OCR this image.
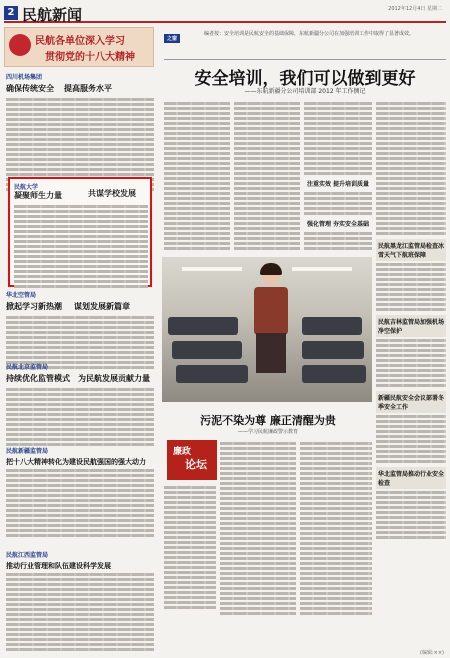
2 民航新闻	2012年12月4日 星期二
民航各单位深入学习
贯彻党的十八大精神
四川机场集团
确保传统安全 提高服务水平
民航大学
凝聚师生力量	共谋学校发展
华北空管局
掀起学习新热潮 谋划发展新篇章
民航北京监管局
持续优化监管模式 为民航发展贡献力量
民航新疆监管局
把十八大精神转化为建设民航强国的强大动力
民航江西监管局
推动行业管理和队伍建设科学发展
之窗
编者按：安全培训是民航安全的基础保障，东航新疆分公司在加强培训工作中取得了显著成效。
安全培训，我们可以做到更好
——东航新疆分公司培训部 2012 年工作侧记
注重实效 提升培训质量
强化管理 夯实安全基础
民航黑龙江监管局检查冰雪天气下航班保障
民航吉林监管局加强机场净空保护
新疆民航安全会议部署冬季安全工作
华北监管局推动行业安全检查
污泥不染为尊 廉正清醒为贵
——学习民航廉政警示教育
廉政
论坛
(编辑:××)
